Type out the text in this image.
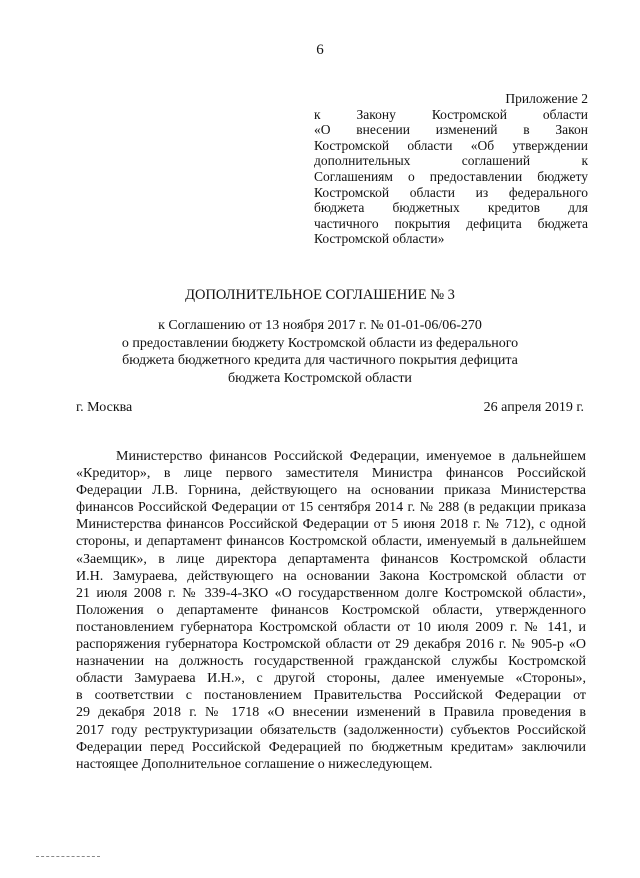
6
Приложение 2
к Закону Костромской области
«О внесении изменений в Закон
Костромской области «Об утверждении
дополнительных соглашений к
Соглашениям о предоставлении бюджету
Костромской области из федерального
бюджета бюджетных кредитов для
частичного покрытия дефицита бюджета
Костромской области»
ДОПОЛНИТЕЛЬНОЕ СОГЛАШЕНИЕ № 3
к Соглашению от 13 ноября 2017 г. № 01-01-06/06-270
о предоставлении бюджету Костромской области из федерального
бюджета бюджетного кредита для частичного покрытия дефицита
бюджета Костромской области
г. Москва	26 апреля 2019 г.
Министерство финансов Российской Федерации, именуемое в дальнейшем
«Кредитор», в лице первого заместителя Министра финансов Российской
Федерации Л.В. Горнина, действующего на основании приказа Министерства
финансов Российской Федерации от 15 сентября 2014 г. № 288 (в редакции приказа
Министерства финансов Российской Федерации от 5 июня 2018 г. № 712), с одной
стороны, и департамент финансов Костромской области, именуемый в дальнейшем
«Заемщик», в лице директора департамента финансов Костромской области
И.Н. Замураева, действующего на основании Закона Костромской области от
21 июля 2008 г. № 339-4-ЗКО «О государственном долге Костромской области»,
Положения о департаменте финансов Костромской области, утвержденного
постановлением губернатора Костромской области от 10 июля 2009 г. № 141, и
распоряжения губернатора Костромской области от 29 декабря 2016 г. № 905-р «О
назначении на должность государственной гражданской службы Костромской
области Замураева И.Н.», с другой стороны, далее именуемые «Стороны»,
в соответствии с постановлением Правительства Российской Федерации от
29 декабря 2018 г. № 1718 «О внесении изменений в Правила проведения в
2017 году реструктуризации обязательств (задолженности) субъектов Российской
Федерации перед Российской Федерацией по бюджетным кредитам» заключили
настоящее Дополнительное соглашение о нижеследующем.
